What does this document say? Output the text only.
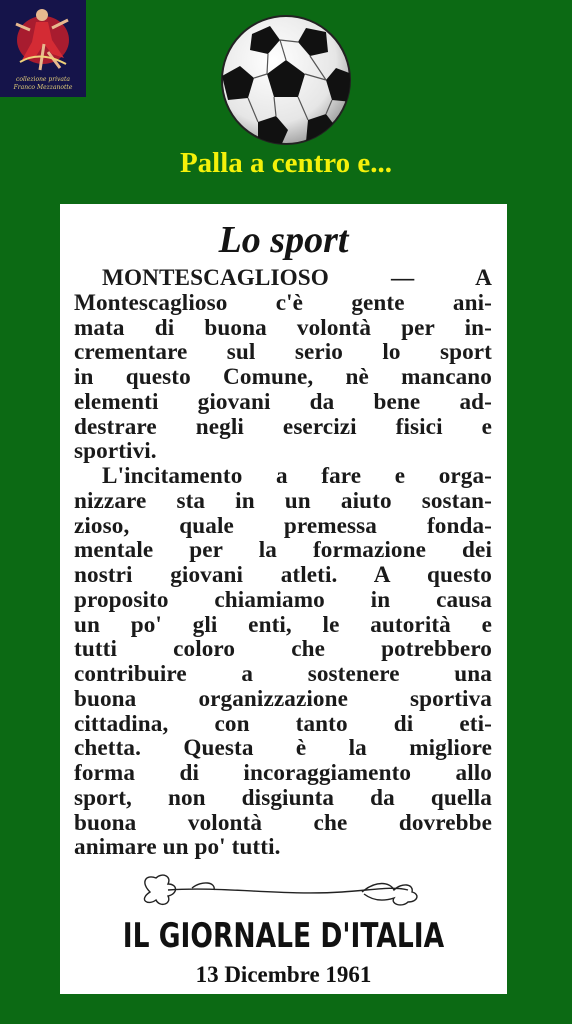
collezione privata
Franco Mezzanotte
Palla a centro e...
Lo sport

MONTESCAGLIOSO — A
Montescaglioso c'è gente ani-
mata di buona volontà per in-
crementare sul serio lo sport
in questo Comune, nè mancano
elementi giovani da bene ad-
destrare negli esercizi fisici e
sportivi.

L'incitamento a fare e orga-
nizzare sta in un aiuto sostan-
zioso, quale premessa fonda-
mentale per la formazione dei
nostri giovani atleti. A questo
proposito chiamiamo in causa
un po' gli enti, le autorità e
tutti coloro che potrebbero
contribuire a sostenere una
buona organizzazione sportiva
cittadina, con tanto di eti-
chetta. Questa è la migliore
forma di incoraggiamento allo
sport, non disgiunta da quella
buona volontà che dovrebbe
animare un po' tutti.

IL GIORNALE D'ITALIA
13 Dicembre 1961
